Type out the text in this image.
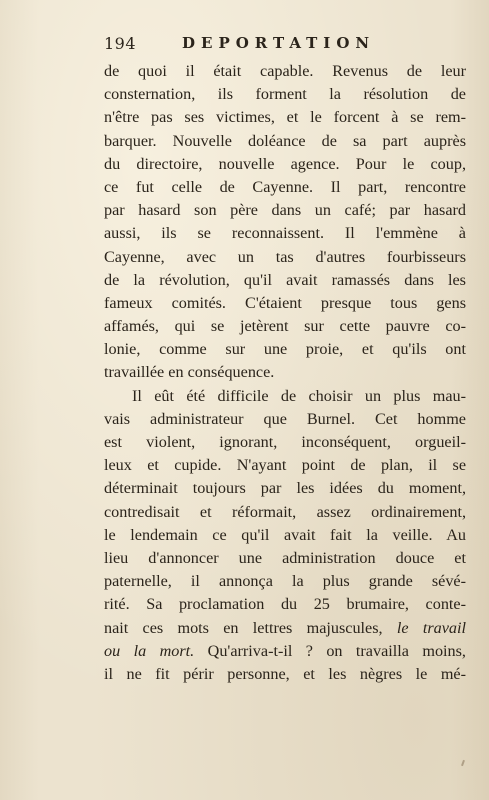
194	DEPORTATION
de quoi il était capable. Revenus de leur
consternation, ils forment la résolution de
n'être pas ses victimes, et le forcent à se rem-
barquer. Nouvelle doléance de sa part auprès
du directoire, nouvelle agence. Pour le coup,
ce fut celle de Cayenne. Il part, rencontre
par hasard son père dans un café; par hasard
aussi, ils se reconnaissent. Il l'emmène à
Cayenne, avec un tas d'autres fourbisseurs
de la révolution, qu'il avait ramassés dans les
fameux comités. C'étaient presque tous gens
affamés, qui se jetèrent sur cette pauvre co-
lonie, comme sur une proie, et qu'ils ont
travaillée en conséquence.
Il eût été difficile de choisir un plus mau-
vais administrateur que Burnel. Cet homme
est violent, ignorant, inconséquent, orgueil-
leux et cupide. N'ayant point de plan, il se
déterminait toujours par les idées du moment,
contredisait et réformait, assez ordinairement,
le lendemain ce qu'il avait fait la veille. Au
lieu d'annoncer une administration douce et
paternelle, il annonça la plus grande sévé-
rité. Sa proclamation du 25 brumaire, conte-
nait ces mots en lettres majuscules, le travail
ou la mort. Qu'arriva-t-il ? on travailla moins,
il ne fit périr personne, et les nègres le mé-
